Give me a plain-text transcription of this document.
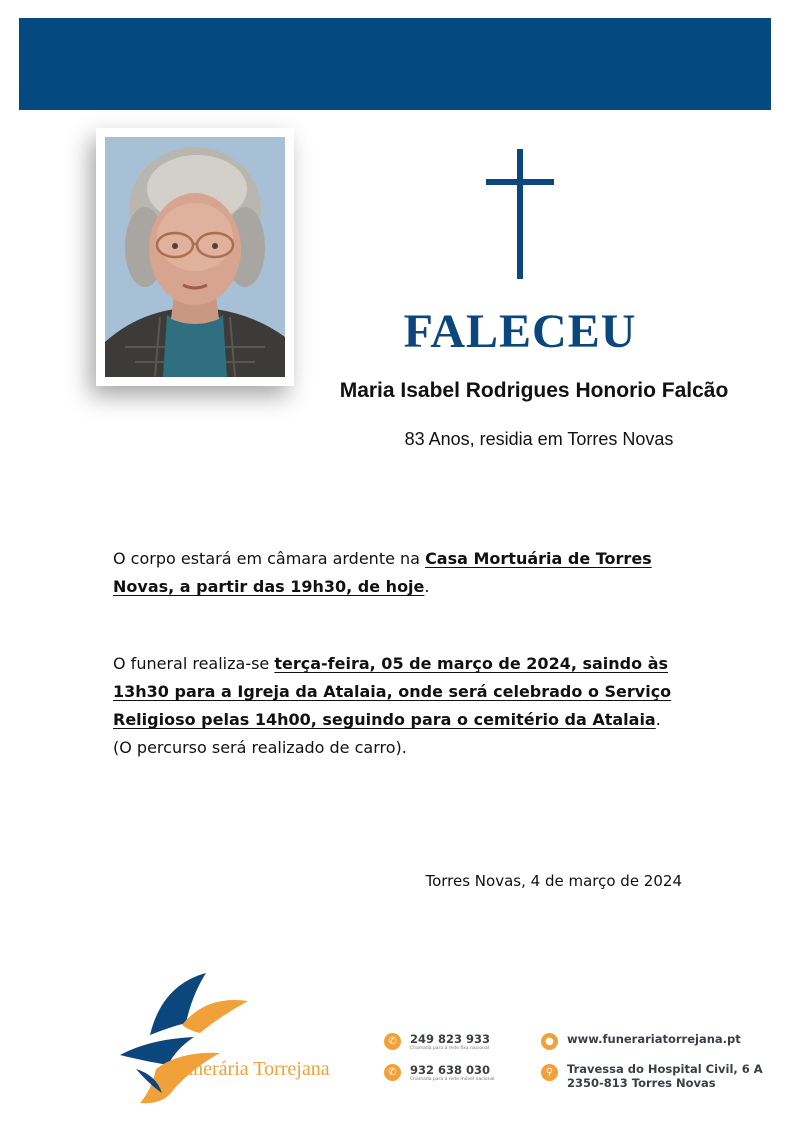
FALECEU
Maria Isabel Rodrigues Honorio Falcão
83 Anos, residia em Torres Novas
O corpo estará em câmara ardente na Casa Mortuária de Torres Novas, a partir das 19h30, de hoje.
O funeral realiza-se terça-feira, 05 de março de 2024, saindo às 13h30 para a Igreja da Atalaia, onde será celebrado o Serviço Religioso pelas 14h00, seguindo para o cemitério da Atalaia.
(O percurso será realizado de carro).
Torres Novas, 4 de março de 2024
Funerária Torrejana
✆	249 823 933
Chamada para a rede fixa nacional
✆	932 638 030
Chamada para a rede móvel nacional
●	www.funerariatorrejana.pt
⚲	Travessa do Hospital Civil, 6 A
2350-813 Torres Novas
